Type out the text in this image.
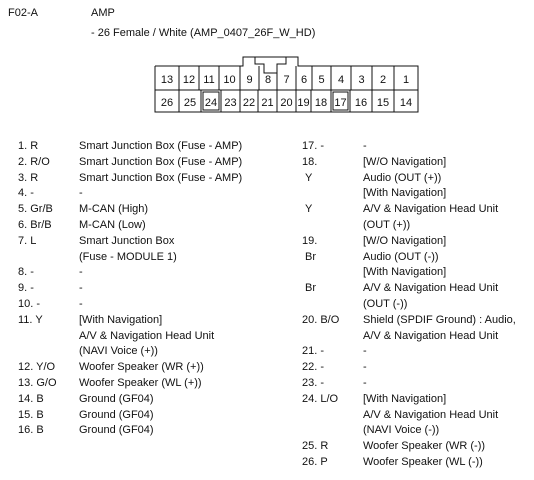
F02-A	AMP
- 26 Female / White (AMP_0407_26F_W_HD)
13 12 11 10 9 8 7 6 5 4 3 2 1
26 25 24 23 22 21 20 19 18 17 16 15 14
1. R	Smart Junction Box (Fuse - AMP)
2. R/O	Smart Junction Box (Fuse - AMP)
3. R	Smart Junction Box (Fuse - AMP)
4. -	-
5. Gr/B M-CAN (High)
6. Br/B M-CAN (Low)
7. L	Smart Junction Box
(Fuse - MODULE 1)
8. -	-
9. -	-
10. -	-
11. Y	[With Navigation]
A/V & Navigation Head Unit
(NAVI Voice (+))
12. Y/O Woofer Speaker (WR (+))
13. G/O Woofer Speaker (WL (+))
14. B	Ground (GF04)
15. B	Ground (GF04)
16. B	Ground (GF04)
17. -	-
18.	[W/O Navigation]
Y	Audio (OUT (+))
[With Navigation]
Y	A/V & Navigation Head Unit
(OUT (+))
19.	[W/O Navigation]
Br	Audio (OUT (-))
[With Navigation]
Br	A/V & Navigation Head Unit
(OUT (-))
20. B/O Shield (SPDIF Ground) : Audio,
A/V & Navigation Head Unit
21. -	-
22. -	-
23. -	-
24. L/O [With Navigation]
A/V & Navigation Head Unit
(NAVI Voice (-))
25. R	Woofer Speaker (WR (-))
26. P	Woofer Speaker (WL (-))
